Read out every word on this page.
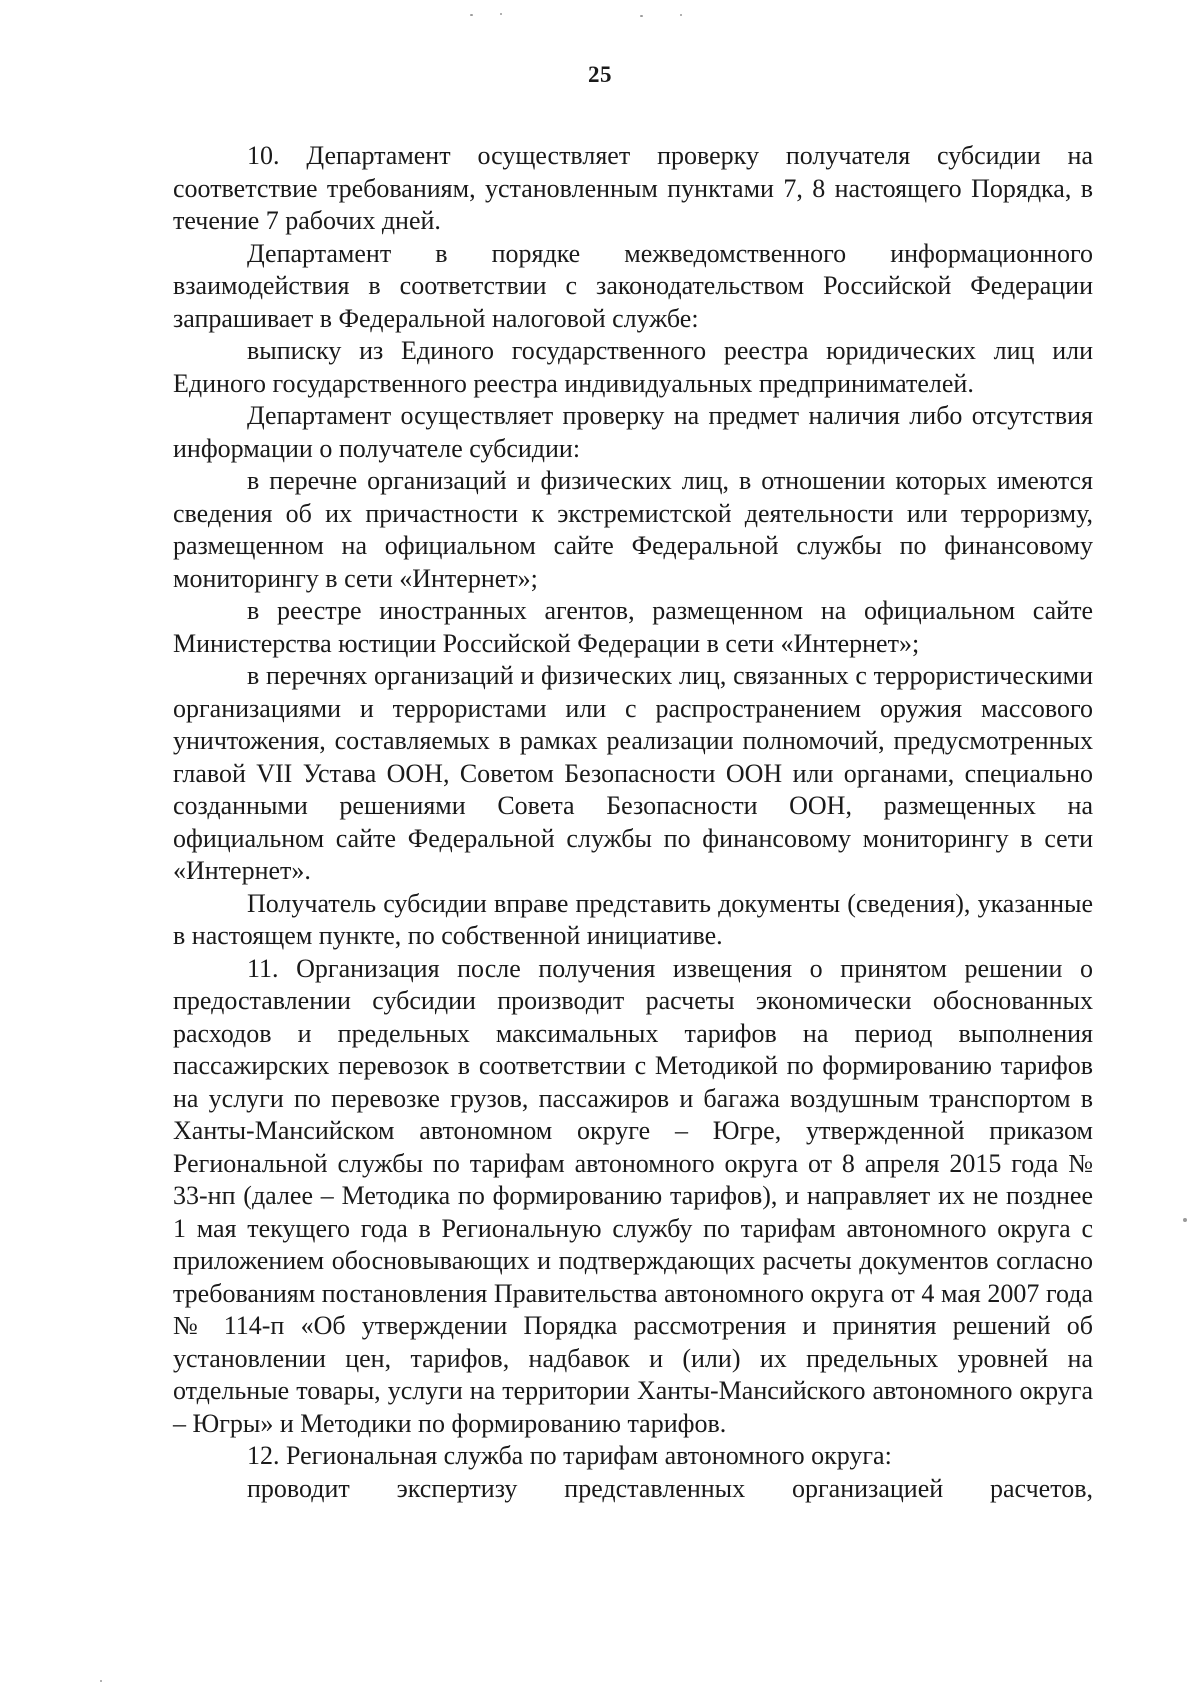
25

10. Департамент осуществляет проверку получателя субсидии на соответствие требованиям, установленным пунктами 7, 8 настоящего Порядка, в течение 7 рабочих дней.

Департамент в порядке межведомственного информационного взаимодействия в соответствии с законодательством Российской Федерации запрашивает в Федеральной налоговой службе:

выписку из Единого государственного реестра юридических лиц или Единого государственного реестра индивидуальных предпринимателей.

Департамент осуществляет проверку на предмет наличия либо отсутствия информации о получателе субсидии:

в перечне организаций и физических лиц, в отношении которых имеются сведения об их причастности к экстремистской деятельности или терроризму, размещенном на официальном сайте Федеральной службы по финансовому мониторингу в сети «Интернет»;

в реестре иностранных агентов, размещенном на официальном сайте Министерства юстиции Российской Федерации в сети «Интернет»;

в перечнях организаций и физических лиц, связанных с террористическими организациями и террористами или с распространением оружия массового уничтожения, составляемых в рамках реализации полномочий, предусмотренных главой VII Устава ООН, Советом Безопасности ООН или органами, специально созданными решениями Совета Безопасности ООН, размещенных на официальном сайте Федеральной службы по финансовому мониторингу в сети «Интернет».

Получатель субсидии вправе представить документы (сведения), указанные в настоящем пункте, по собственной инициативе.

11. Организация после получения извещения о принятом решении о предоставлении субсидии производит расчеты экономически обоснованных расходов и предельных максимальных тарифов на период выполнения пассажирских перевозок в соответствии с Методикой по формированию тарифов на услуги по перевозке грузов, пассажиров и багажа воздушным транспортом в Ханты-Мансийском автономном округе – Югре, утвержденной приказом Региональной службы по тарифам автономного округа от 8 апреля 2015 года № 33-нп (далее – Методика по формированию тарифов), и направляет их не позднее 1 мая текущего года в Региональную службу по тарифам автономного округа с приложением обосновывающих и подтверждающих расчеты документов согласно требованиям постановления Правительства автономного округа от 4 мая 2007 года № 114-п «Об утверждении Порядка рассмотрения и принятия решений об установлении цен, тарифов, надбавок и (или) их предельных уровней на отдельные товары, услуги на территории Ханты-Мансийского автономного округа – Югры» и Методики по формированию тарифов.

12. Региональная служба по тарифам автономного округа:

проводит экспертизу представленных организацией расчетов,
